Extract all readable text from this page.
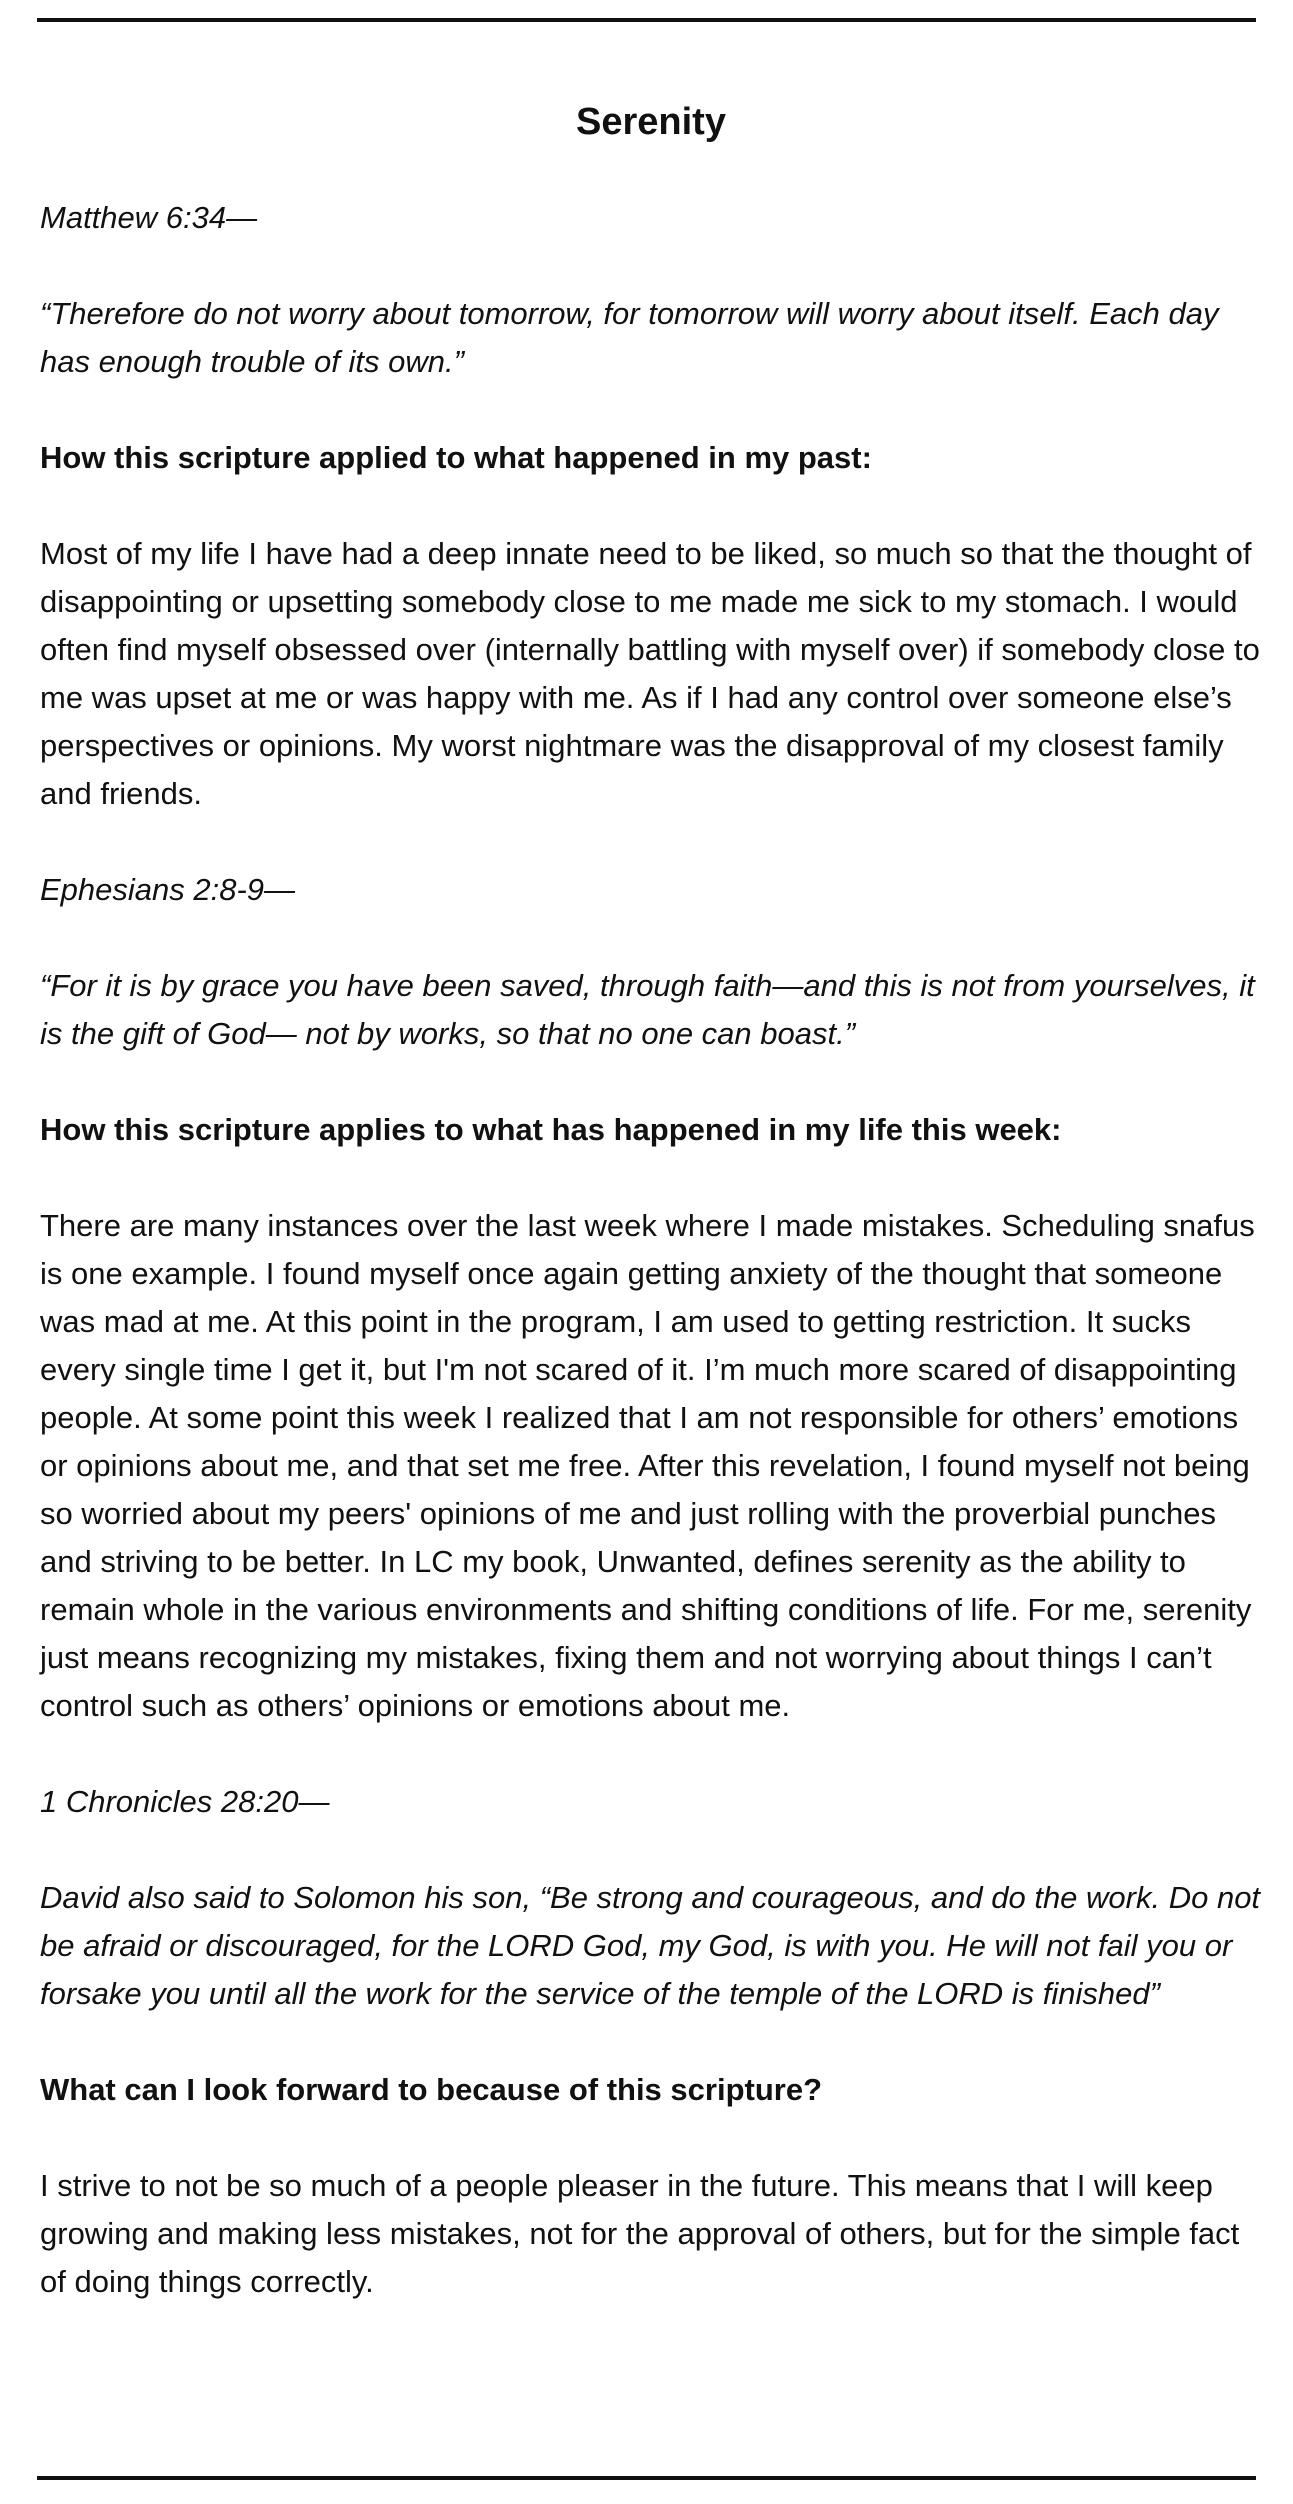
Serenity

Matthew 6:34—

“Therefore do not worry about tomorrow, for tomorrow will worry about itself. Each day has enough trouble of its own.”

How this scripture applied to what happened in my past:

Most of my life I have had a deep innate need to be liked, so much so that the thought of disappointing or upsetting somebody close to me made me sick to my stomach. I would often find myself obsessed over (internally battling with myself over) if somebody close to me was upset at me or was happy with me. As if I had any control over someone else’s perspectives or opinions. My worst nightmare was the disapproval of my closest family and friends.

Ephesians 2:8-9—

“For it is by grace you have been saved, through faith—and this is not from yourselves, it is the gift of God— not by works, so that no one can boast.”

How this scripture applies to what has happened in my life this week:

There are many instances over the last week where I made mistakes. Scheduling snafus is one example. I found myself once again getting anxiety of the thought that someone was mad at me. At this point in the program, I am used to getting restriction. It sucks every single time I get it, but I'm not scared of it. I’m much more scared of disappointing people. At some point this week I realized that I am not responsible for others’ emotions or opinions about me, and that set me free. After this revelation, I found myself not being so worried about my peers' opinions of me and just rolling with the proverbial punches and striving to be better. In LC my book, Unwanted, defines serenity as the ability to remain whole in the various environments and shifting conditions of life. For me, serenity just means recognizing my mistakes, fixing them and not worrying about things I can’t control such as others’ opinions or emotions about me.

1 Chronicles 28:20—

David also said to Solomon his son, “Be strong and courageous, and do the work. Do not be afraid or discouraged, for the LORD God, my God, is with you. He will not fail you or forsake you until all the work for the service of the temple of the LORD is finished”

What can I look forward to because of this scripture?

I strive to not be so much of a people pleaser in the future. This means that I will keep growing and making less mistakes, not for the approval of others, but for the simple fact of doing things correctly.
